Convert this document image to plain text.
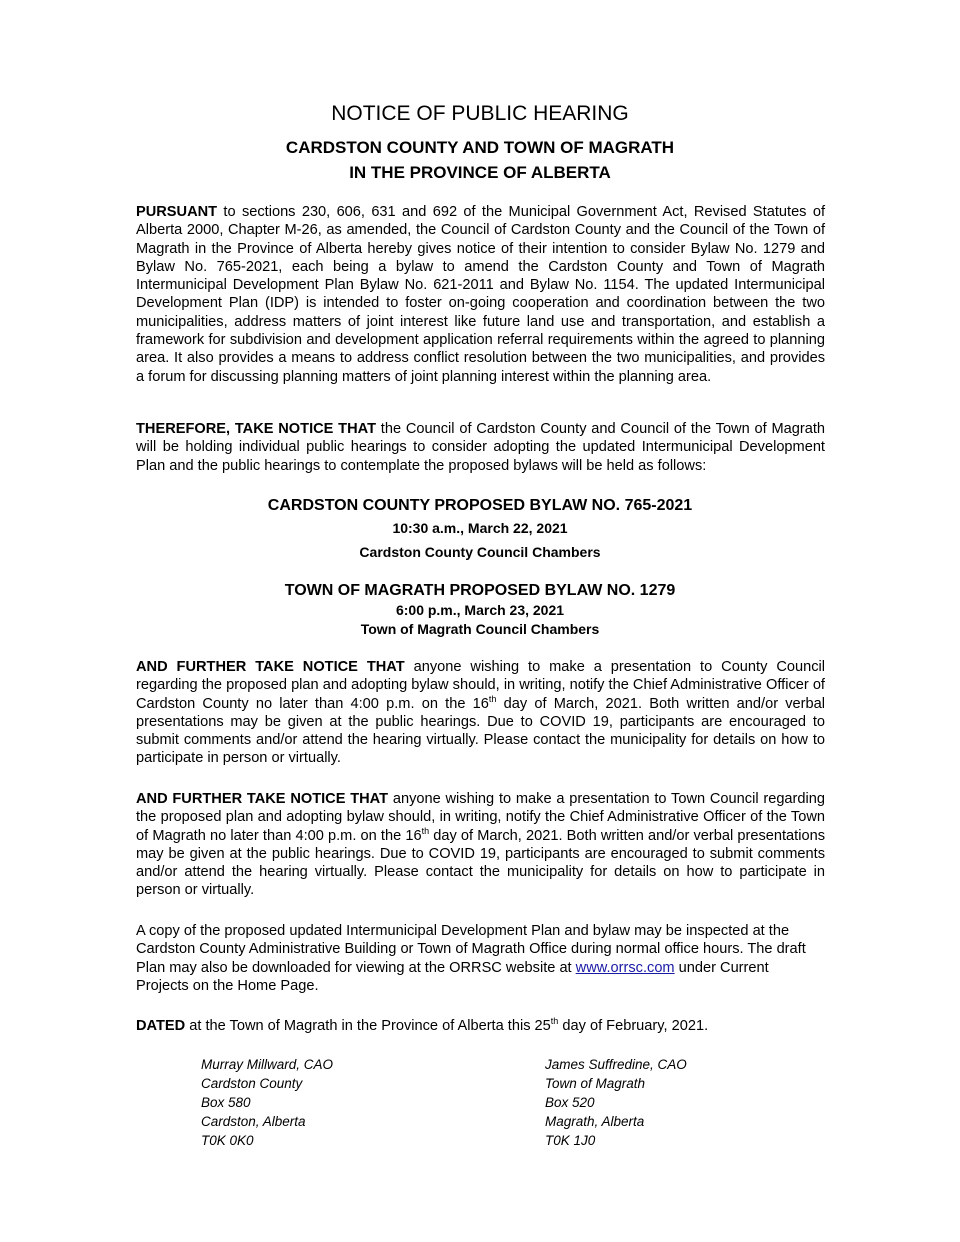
NOTICE OF PUBLIC HEARING
CARDSTON COUNTY AND TOWN OF MAGRATH
IN THE PROVINCE OF ALBERTA

PURSUANT to sections 230, 606, 631 and 692 of the Municipal Government Act, Revised Statutes of Alberta 2000, Chapter M-26, as amended, the Council of Cardston County and the Council of the Town of Magrath in the Province of Alberta hereby gives notice of their intention to consider Bylaw No. 1279 and Bylaw No. 765-2021, each being a bylaw to amend the Cardston County and Town of Magrath Intermunicipal Development Plan Bylaw No. 621-2011 and Bylaw No. 1154. The updated Intermunicipal Development Plan (IDP) is intended to foster on-going cooperation and coordination between the two municipalities, address matters of joint interest like future land use and transportation, and establish a framework for subdivision and development application referral requirements within the agreed to planning area. It also provides a means to address conflict resolution between the two municipalities, and provides a forum for discussing planning matters of joint planning interest within the planning area.

THEREFORE, TAKE NOTICE THAT the Council of Cardston County and Council of the Town of Magrath will be holding individual public hearings to consider adopting the updated Intermunicipal Development Plan and the public hearings to contemplate the proposed bylaws will be held as follows:

CARDSTON COUNTY PROPOSED BYLAW NO. 765-2021
10:30 a.m., March 22, 2021
Cardston County Council Chambers
TOWN OF MAGRATH PROPOSED BYLAW NO. 1279
6:00 p.m., March 23, 2021
Town of Magrath Council Chambers

AND FURTHER TAKE NOTICE THAT anyone wishing to make a presentation to County Council regarding the proposed plan and adopting bylaw should, in writing, notify the Chief Administrative Officer of Cardston County no later than 4:00 p.m. on the 16th day of March, 2021. Both written and/or verbal presentations may be given at the public hearings. Due to COVID 19, participants are encouraged to submit comments and/or attend the hearing virtually. Please contact the municipality for details on how to participate in person or virtually.

AND FURTHER TAKE NOTICE THAT anyone wishing to make a presentation to Town Council regarding the proposed plan and adopting bylaw should, in writing, notify the Chief Administrative Officer of the Town of Magrath no later than 4:00 p.m. on the 16th day of March, 2021. Both written and/or verbal presentations may be given at the public hearings. Due to COVID 19, participants are encouraged to submit comments and/or attend the hearing virtually. Please contact the municipality for details on how to participate in person or virtually.

A copy of the proposed updated Intermunicipal Development Plan and bylaw may be inspected at the Cardston County Administrative Building or Town of Magrath Office during normal office hours. The draft Plan may also be downloaded for viewing at the ORRSC website at www.orrsc.com under Current Projects on the Home Page.

DATED at the Town of Magrath in the Province of Alberta this 25th day of February, 2021.

Murray Millward, CAO
Cardston County
Box 580
Cardston, Alberta
T0K 0K0
James Suffredine, CAO
Town of Magrath
Box 520
Magrath, Alberta
T0K 1J0
